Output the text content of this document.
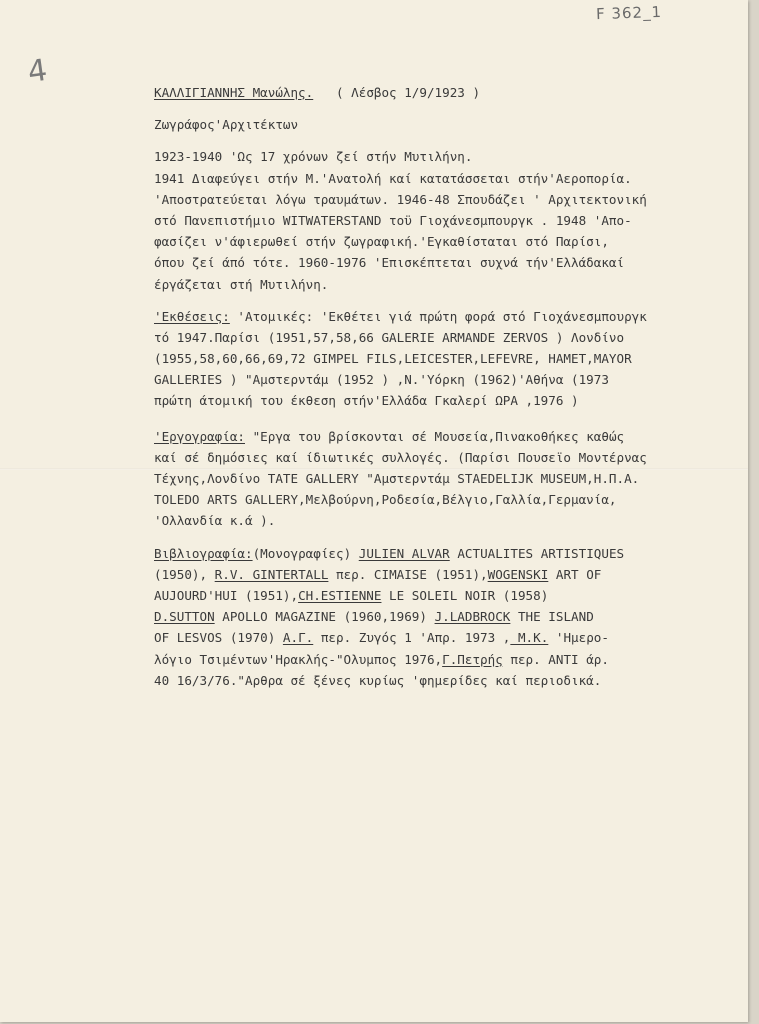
F 362_1
4
ΚΑΛΛΙΓΙΑΝΝΗΣ Μανώλης. ( Λέσβος 1/9/1923 )
Ζωγράφος'Αρχιτέκτων
1923-1940 'Ως 17 χρόνων ζεί στήν Μυτιλήνη.
1941 Διαφεύγει στήν Μ.'Ανατολή καί κατατάσσεται στήν'Αεροπορία.
'Αποστρατεύεται λόγω τραυμάτων. 1946-48 Σπουδάζει ' Αρχιτεκτονική
στό Πανεπιστήμιο WITWATERSTAND τοϋ Γιοχάνεσμπουργκ . 1948 'Απο-
φασίζει ν'άφιερωθεί στήν ζωγραφική.'Εγκαθίσταται στό Παρίσι,
όπου ζεί άπό τότε. 1960-1976 'Επισκέπτεται συχνά τήν'Ελλάδακαί
έργάζεται στή Μυτιλήνη.
'Εκθέσεις: 'Ατομικές: 'Εκθέτει γιά πρώτη φορά στό Γιοχάνεσμπουργκ
τό 1947.Παρίσι (1951,57,58,66 GALERIE ARMANDE ZERVOS ) Λονδίνο
(1955,58,60,66,69,72 GIMPEL FILS,LEICESTER,LEFEVRE, HAMET,MAYOR
GALLERIES ) "Αμστερντάμ (1952 ) ,Ν.'Υόρκη (1962)'Αθήνα (1973
πρώτη άτομική του έκθεση στήν'Ελλάδα Γκαλερί ΩΡΑ ,1976 )
'Εργογραφία: "Εργα του βρίσκονται σέ Μουσεία,Πινακοθήκες καθώς
καί σέ δημόσιες καί ίδιωτικές συλλογές. (Παρίσι Πουσεϊο Μοντέρνας
Τέχνης,Λονδίνο TATE GALLERY "Αμστερντάμ STAEDELIJK MUSEUM,Η.Π.Α.
TOLEDO ARTS GALLERY,Μελβούρνη,Ροδεσία,Βέλγιο,Γαλλία,Γερμανία,
'Ολλανδία κ.ά ).
Βιβλιογραφία:(Μονογραφίες) JULIEN ALVAR ACTUALITES ARTISTIQUES
(1950), R.V. GINTERTALL περ. CIMAISE (1951),WOGENSKI ART OF
AUJOURD'HUI (1951),CH.ESTIENNE LE SOLEIL NOIR (1958)
D.SUTTON APOLLO MAGAZINE (1960,1969) J.LADBROCK THE ISLAND
OF LESVOS (1970) Α.Γ. περ. Ζυγός 1 'Απρ. 1973 ,_Μ.Κ. 'Ημερο-
λόγιο Τσιμέντων'Ηρακλής-"Ολυμπος 1976,Γ.Πετρής περ. ANTI άρ.
40 16/3/76."Αρθρα σέ ξένες κυρίως 'φημερίδες καί περιοδικά.
